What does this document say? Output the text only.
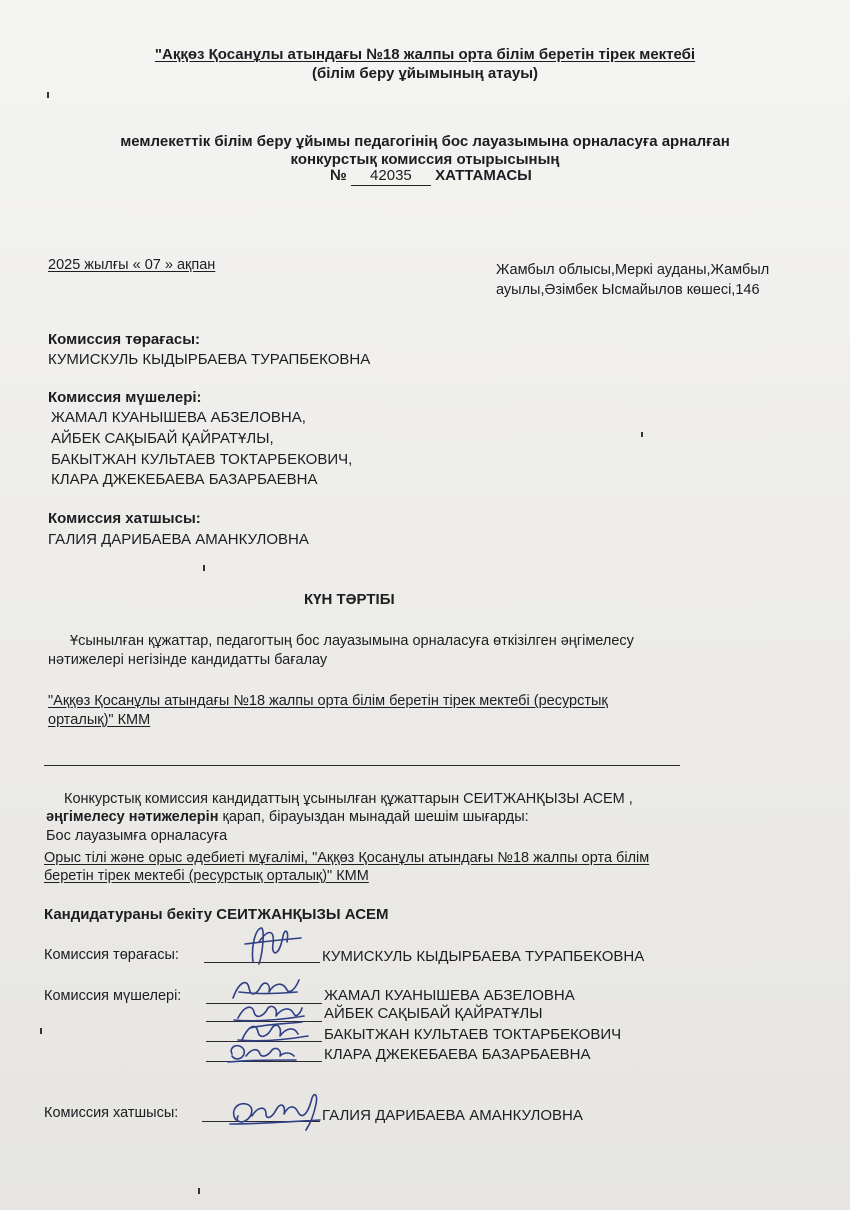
"Аққөз Қосанұлы атындағы №18 жалпы орта білім беретін тірек мектебі
(білім беру ұйымының атауы)
мемлекеттік білім беру ұйымы педагогінің бос лауазымына орналасуға арналған
конкурстық комиссия отырысының
№ 42035 ХАТТАМАСЫ
2025 жылғы « 07 » ақпан	Жамбыл облысы,Меркі ауданы,Жамбыл
ауылы,Әзімбек Ысмайылов көшесі,146
Комиссия төрағасы:
КУМИСКУЛЬ КЫДЫРБАЕВА ТУРАПБЕКОВНА
Комиссия мүшелері:
ЖАМАЛ КУАНЫШЕВА АБЗЕЛОВНА,
АЙБЕК САҚЫБАЙ ҚАЙРАТҰЛЫ,
БАКЫТЖАН КУЛЬТАЕВ ТОКТАРБЕКОВИЧ,
КЛАРА ДЖЕКЕБАЕВА БАЗАРБАЕВНА
Комиссия хатшысы:
ГАЛИЯ ДАРИБАЕВА АМАНКУЛОВНА
КҮН ТӘРТІБІ
Ұсынылған құжаттар, педагогтың бос лауазымына орналасуға өткізілген әңгімелесу
нәтижелері негізінде кандидатты бағалау
"Аққөз Қосанұлы атындағы №18 жалпы орта білім беретін тірек мектебі (ресурстық
орталық)" КММ
Конкурстық комиссия кандидаттың ұсынылған құжаттарын СЕИТЖАНҚЫЗЫ АСЕМ ,
әңгімелесу нәтижелерін қарап, бірауыздан мынадай шешім шығарды:
Бос лауазымға орналасуға
Орыс тілі және орыс әдебиеті мұғалімі, "Аққөз Қосанұлы атындағы №18 жалпы орта білім
беретін тірек мектебі (ресурстық орталық)" КММ
Кандидатураны бекіту СЕИТЖАНҚЫЗЫ АСЕМ
Комиссия төрағасы:	КУМИСКУЛЬ КЫДЫРБАЕВА ТУРАПБЕКОВНА
Комиссия мүшелері:	ЖАМАЛ КУАНЫШЕВА АБЗЕЛОВНА
АЙБЕК САҚЫБАЙ ҚАЙРАТҰЛЫ
БАКЫТЖАН КУЛЬТАЕВ ТОКТАРБЕКОВИЧ
КЛАРА ДЖЕКЕБАЕВА БАЗАРБАЕВНА
Комиссия хатшысы:	ГАЛИЯ ДАРИБАЕВА АМАНКУЛОВНА
